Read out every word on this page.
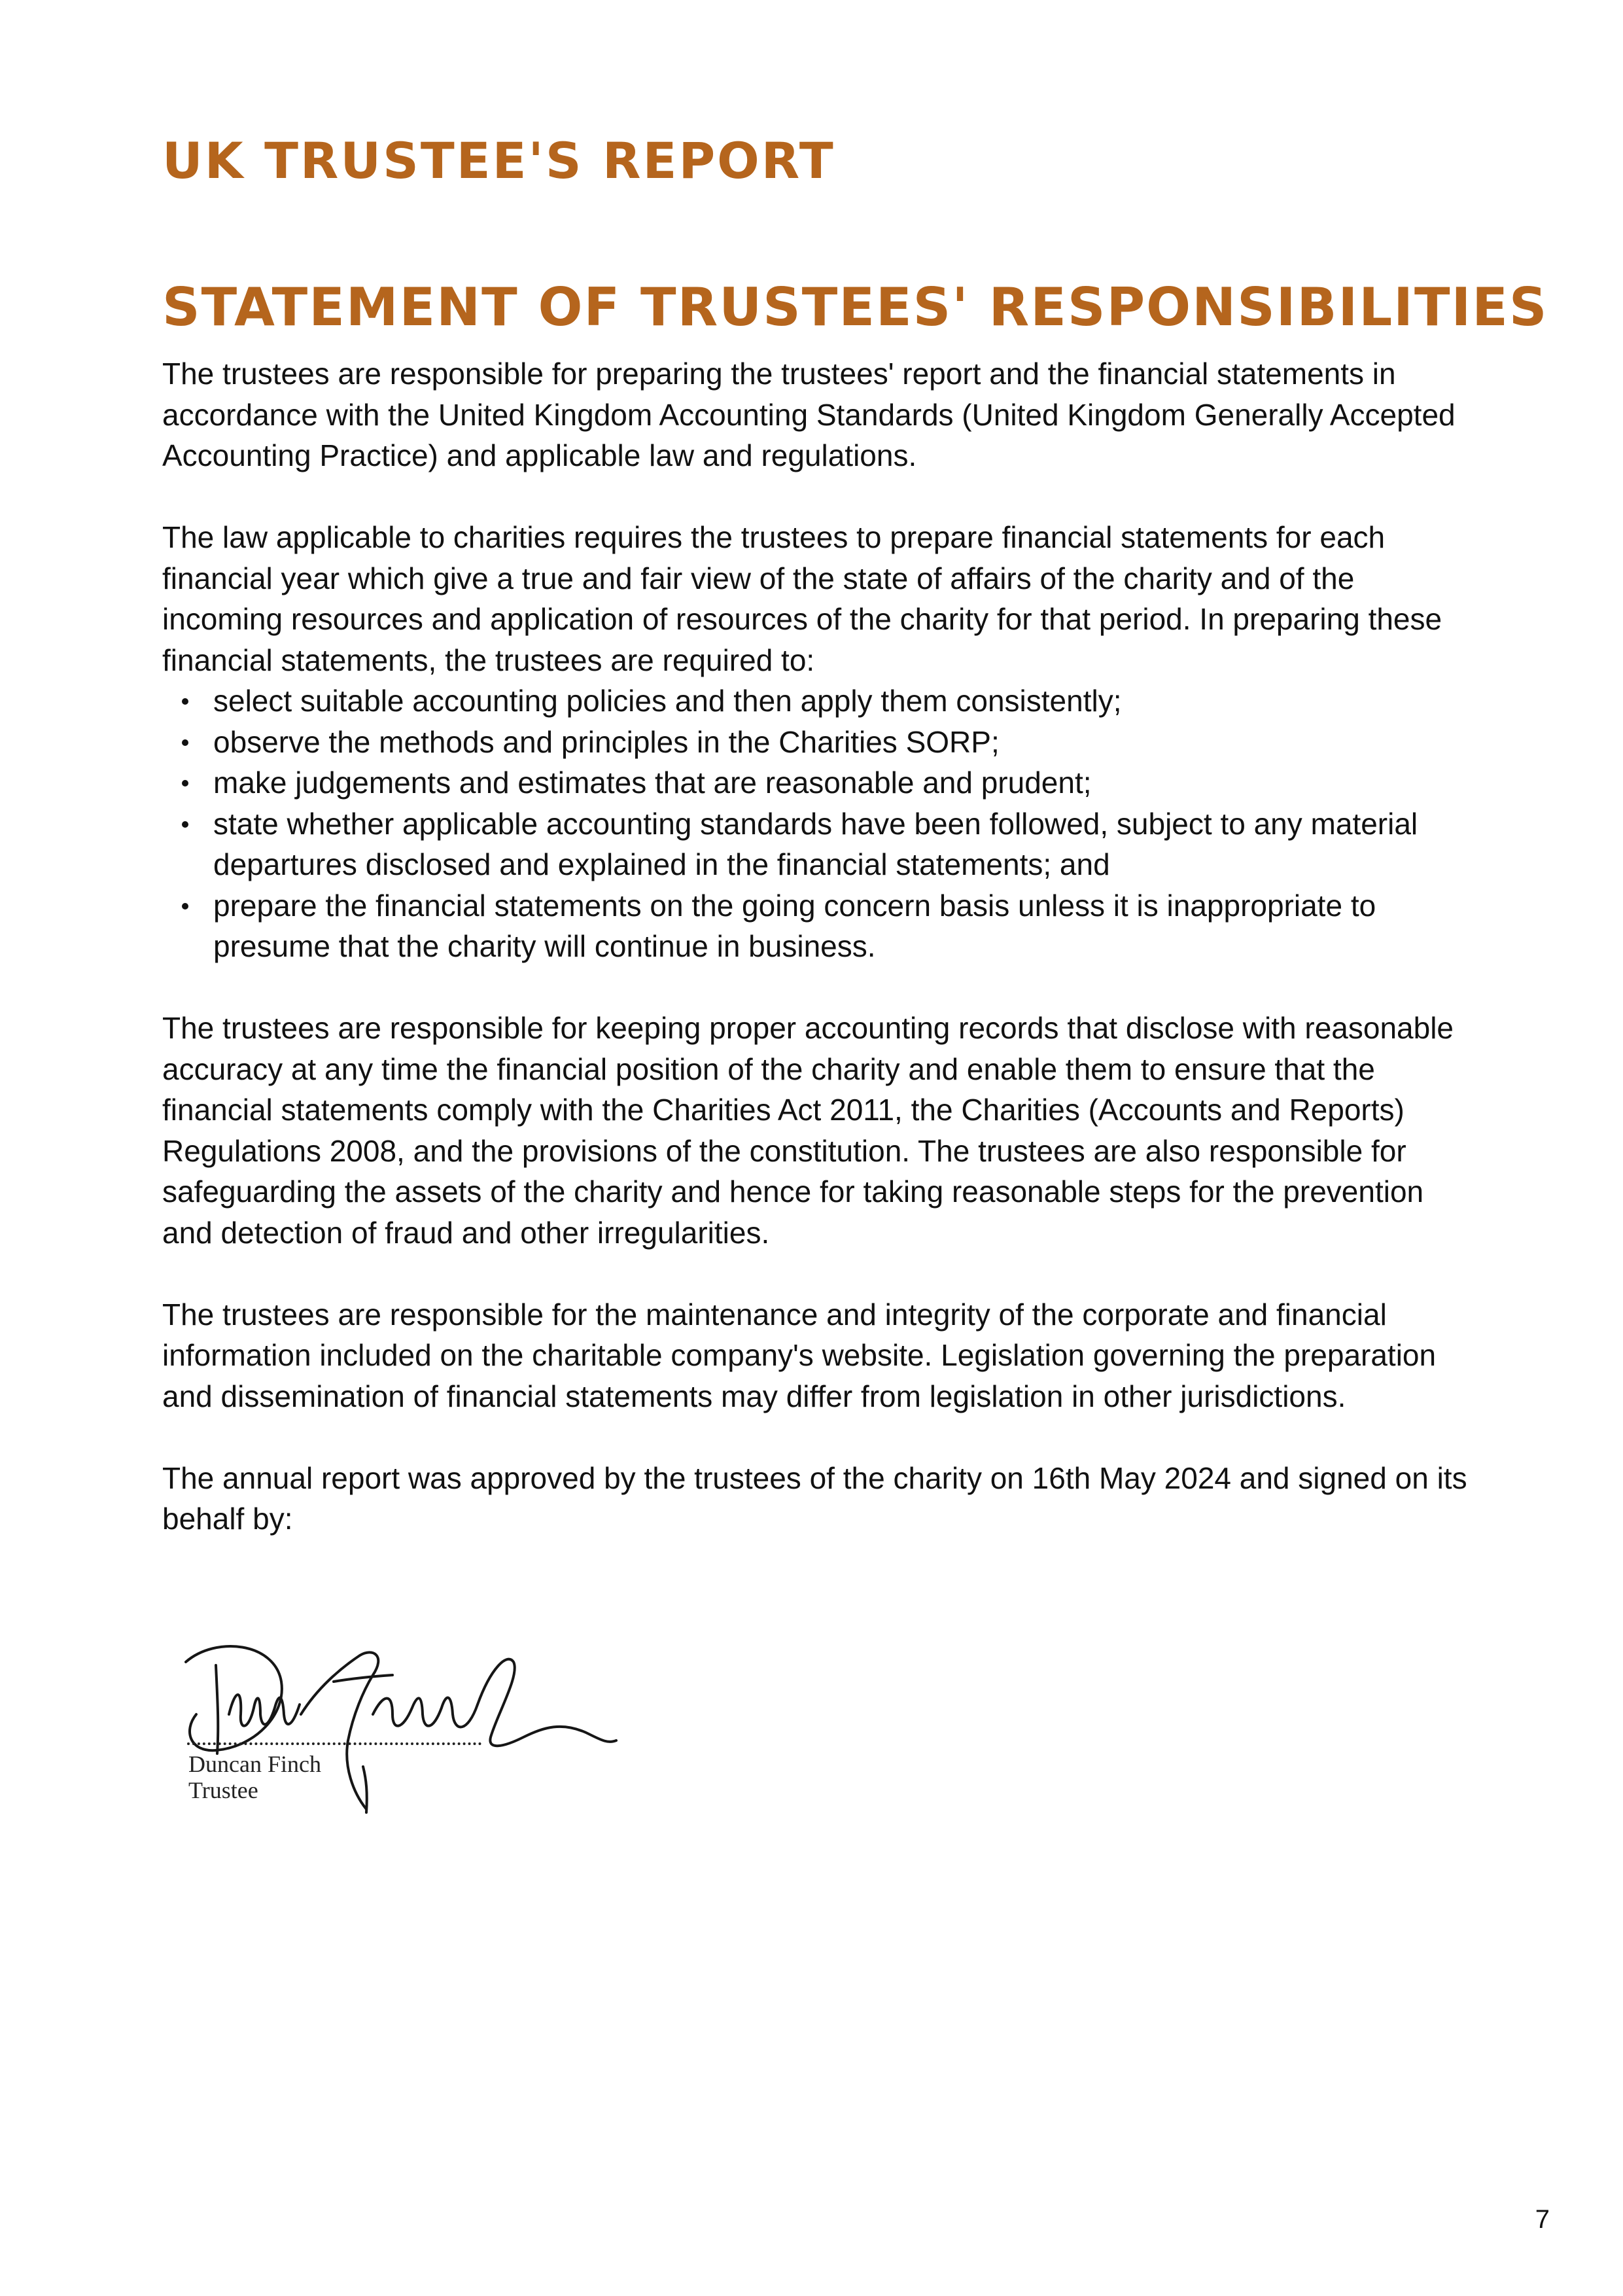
UK TRUSTEE'S REPORT
STATEMENT OF TRUSTEES' RESPONSIBILITIES

The trustees are responsible for preparing the trustees' report and the financial statements in accordance with the United Kingdom Accounting Standards (United Kingdom Generally Accepted Accounting Practice) and applicable law and regulations.

The law applicable to charities requires the trustees to prepare financial statements for each financial year which give a true and fair view of the state of affairs of the charity and of the incoming resources and application of resources of the charity for that period. In preparing these financial statements, the trustees are required to:

select suitable accounting policies and then apply them consistently;
observe the methods and principles in the Charities SORP;
make judgements and estimates that are reasonable and prudent;
state whether applicable accounting standards have been followed, subject to any material departures disclosed and explained in the financial statements; and
prepare the financial statements on the going concern basis unless it is inappropriate to presume that the charity will continue in business.

The trustees are responsible for keeping proper accounting records that disclose with reasonable accuracy at any time the financial position of the charity and enable them to ensure that the financial statements comply with the Charities Act 2011, the Charities (Accounts and Reports) Regulations 2008, and the provisions of the constitution. The trustees are also responsible for safeguarding the assets of the charity and hence for taking reasonable steps for the prevention and detection of fraud and other irregularities.

The trustees are responsible for the maintenance and integrity of the corporate and financial information included on the charitable company's website. Legislation governing the preparation and dissemination of financial statements may differ from legislation in other jurisdictions.

The annual report was approved by the trustees of the charity on 16th May 2024 and signed on its behalf by:

Duncan Finch
Trustee
7
